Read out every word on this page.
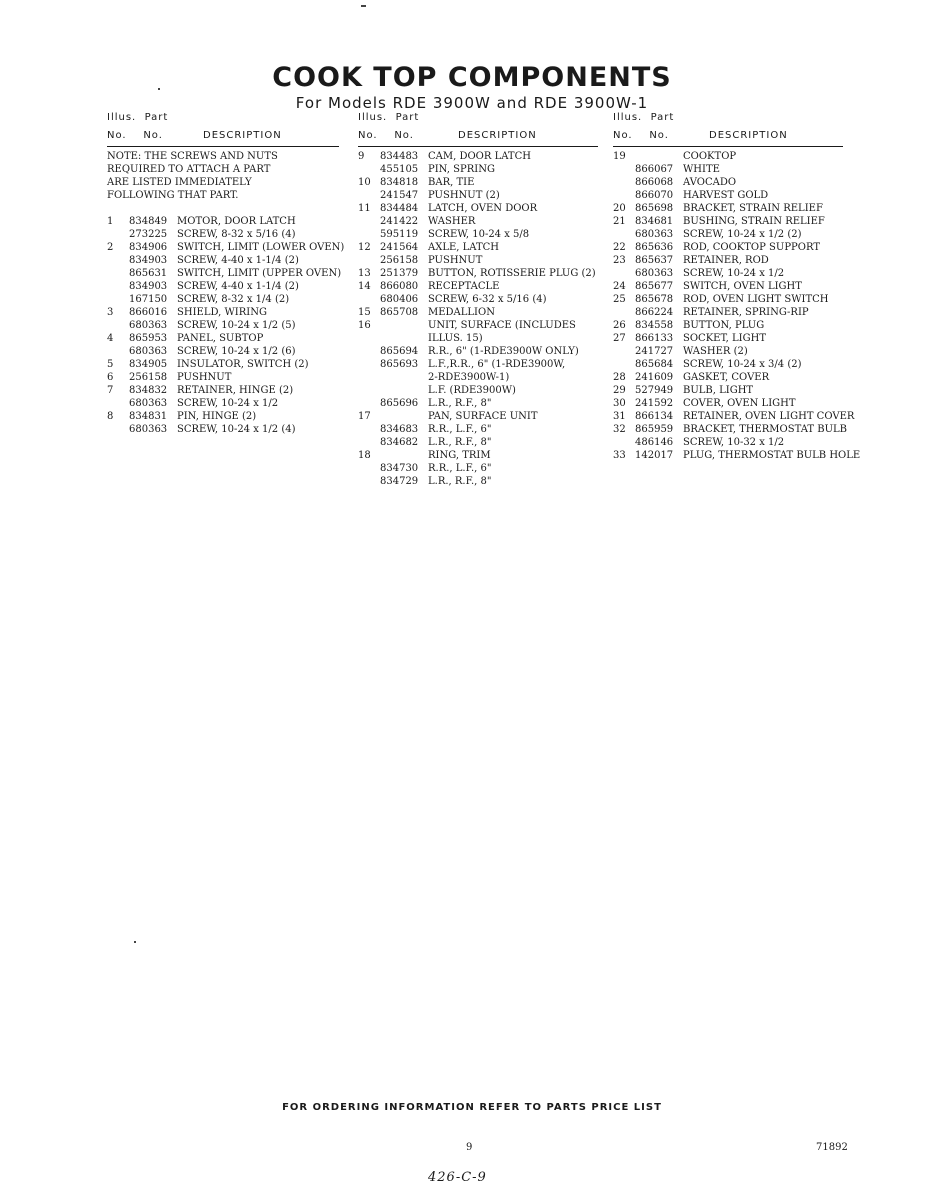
COOK TOP COMPONENTS
For Models RDE 3900W and RDE 3900W-1
Illus. Part
No. No.	DESCRIPTION
NOTE: THE SCREWS AND NUTS
REQUIRED TO ATTACH A PART
ARE LISTED IMMEDIATELY
FOLLOWING THAT PART.
1 834849 MOTOR, DOOR LATCH
273225 SCREW, 8-32 x 5/16 (4)
2 834906 SWITCH, LIMIT (LOWER OVEN)
834903 SCREW, 4-40 x 1-1/4 (2)
865631 SWITCH, LIMIT (UPPER OVEN)
834903 SCREW, 4-40 x 1-1/4 (2)
167150 SCREW, 8-32 x 1/4 (2)
3 866016 SHIELD, WIRING
680363 SCREW, 10-24 x 1/2 (5)
4 865953 PANEL, SUBTOP
680363 SCREW, 10-24 x 1/2 (6)
5 834905 INSULATOR, SWITCH (2)
6 256158 PUSHNUT
7 834832 RETAINER, HINGE (2)
680363 SCREW, 10-24 x 1/2
8 834831 PIN, HINGE (2)
680363 SCREW, 10-24 x 1/2 (4)
Illus. Part
No. No.	DESCRIPTION
9 834483 CAM, DOOR LATCH
455105 PIN, SPRING
10 834818 BAR, TIE
241547 PUSHNUT (2)
11 834484 LATCH, OVEN DOOR
241422 WASHER
595119 SCREW, 10-24 x 5/8
12 241564 AXLE, LATCH
256158 PUSHNUT
13 251379 BUTTON, ROTISSERIE PLUG (2)
14 866080 RECEPTACLE
680406 SCREW, 6-32 x 5/16 (4)
15 865708 MEDALLION
16	UNIT, SURFACE (INCLUDES
ILLUS. 15)
865694 R.R., 6" (1-RDE3900W ONLY)
865693 L.F.,R.R., 6" (1-RDE3900W,
2-RDE3900W-1)
L.F. (RDE3900W)
865696 L.R., R.F., 8"
17	PAN, SURFACE UNIT
834683 R.R., L.F., 6"
834682 L.R., R.F., 8"
18	RING, TRIM
834730 R.R., L.F., 6"
834729 L.R., R.F., 8"
Illus. Part
No. No.	DESCRIPTION
19	COOKTOP
866067 WHITE
866068 AVOCADO
866070 HARVEST GOLD
20 865698 BRACKET, STRAIN RELIEF
21 834681 BUSHING, STRAIN RELIEF
680363 SCREW, 10-24 x 1/2 (2)
22 865636 ROD, COOKTOP SUPPORT
23 865637 RETAINER, ROD
680363 SCREW, 10-24 x 1/2
24 865677 SWITCH, OVEN LIGHT
25 865678 ROD, OVEN LIGHT SWITCH
866224 RETAINER, SPRING-RIP
26 834558 BUTTON, PLUG
27 866133 SOCKET, LIGHT
241727 WASHER (2)
865684 SCREW, 10-24 x 3/4 (2)
28 241609 GASKET, COVER
29 527949 BULB, LIGHT
30 241592 COVER, OVEN LIGHT
31 866134 RETAINER, OVEN LIGHT COVER
32 865959 BRACKET, THERMOSTAT BULB
486146 SCREW, 10-32 x 1/2
33 142017 PLUG, THERMOSTAT BULB HOLE
FOR ORDERING INFORMATION REFER TO PARTS PRICE LIST
9	71892
426-C-9
